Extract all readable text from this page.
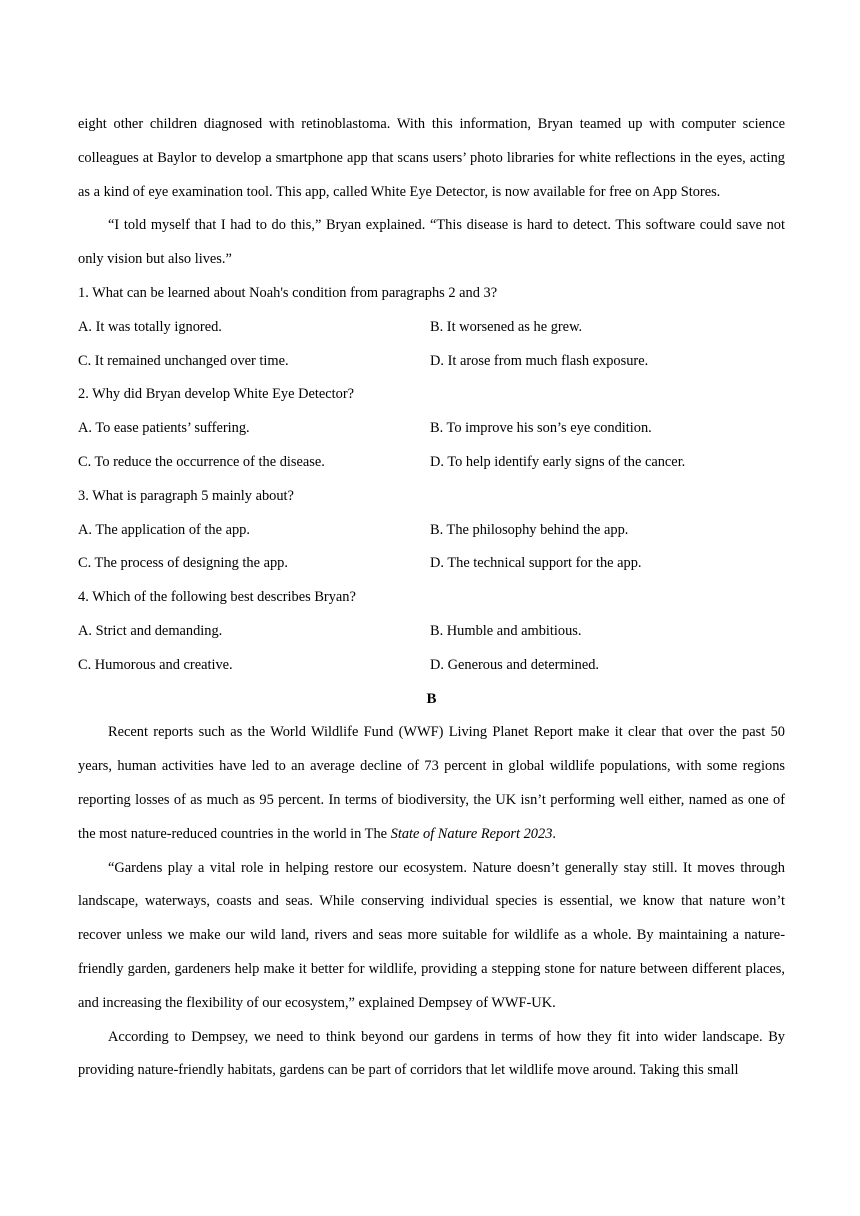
eight other children diagnosed with retinoblastoma. With this information, Bryan teamed up with computer science colleagues at Baylor to develop a smartphone app that scans users’ photo libraries for white reflections in the eyes, acting as a kind of eye examination tool. This app, called White Eye Detector, is now available for free on App Stores.

“I told myself that I had to do this,” Bryan explained. “This disease is hard to detect. This software could save not only vision but also lives.”

1. What can be learned about Noah's condition from paragraphs 2 and 3?

A. It was totally ignored.	B. It worsened as he grew.
C. It remained unchanged over time.	D. It arose from much flash exposure.

2. Why did Bryan develop White Eye Detector?

A. To ease patients’ suffering.	B. To improve his son’s eye condition.
C. To reduce the occurrence of the disease.	D. To help identify early signs of the cancer.

3. What is paragraph 5 mainly about?

A. The application of the app.	B. The philosophy behind the app.
C. The process of designing the app.	D. The technical support for the app.

4. Which of the following best describes Bryan?

A. Strict and demanding.	B. Humble and ambitious.
C. Humorous and creative.	D. Generous and determined.
B

Recent reports such as the World Wildlife Fund (WWF) Living Planet Report make it clear that over the past 50 years, human activities have led to an average decline of 73 percent in global wildlife populations, with some regions reporting losses of as much as 95 percent. In terms of biodiversity, the UK isn’t performing well either, named as one of the most nature-reduced countries in the world in The State of Nature Report 2023.

“Gardens play a vital role in helping restore our ecosystem. Nature doesn’t generally stay still. It moves through landscape, waterways, coasts and seas. While conserving individual species is essential, we know that nature won’t recover unless we make our wild land, rivers and seas more suitable for wildlife as a whole. By maintaining a nature-friendly garden, gardeners help make it better for wildlife, providing a stepping stone for nature between different places, and increasing the flexibility of our ecosystem,” explained Dempsey of WWF-UK.

According to Dempsey, we need to think beyond our gardens in terms of how they fit into wider landscape. By providing nature-friendly habitats, gardens can be part of corridors that let wildlife move around. Taking this small
